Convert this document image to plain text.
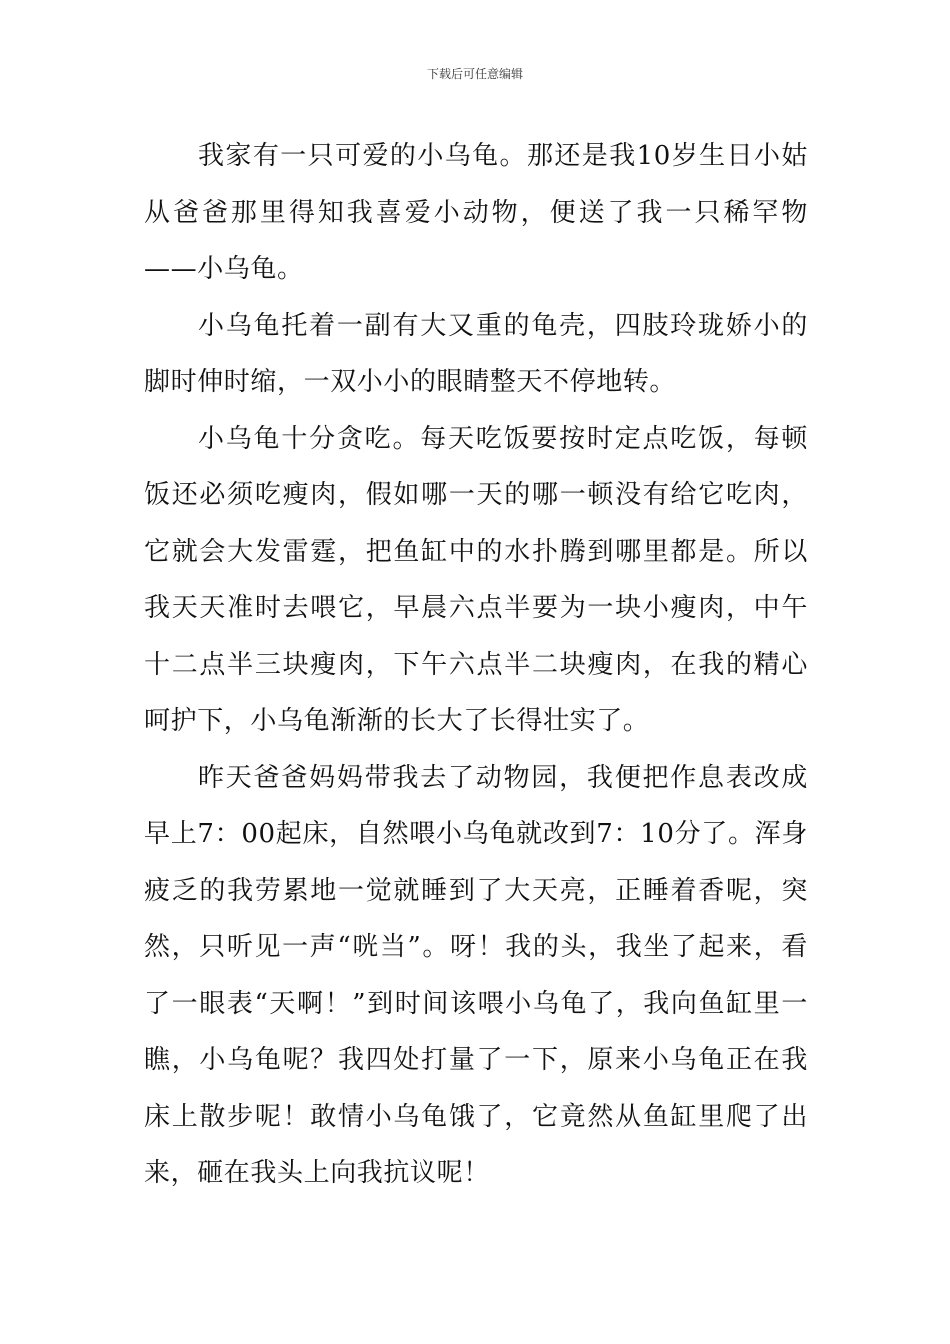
下载后可任意编辑

我家有一只可爱的小乌龟。那还是我10岁生日小姑从爸爸那里得知我喜爱小动物，便送了我一只稀罕物——小乌龟。

小乌龟托着一副有大又重的龟壳，四肢玲珑娇小的脚时伸时缩，一双小小的眼睛整天不停地转。

小乌龟十分贪吃。每天吃饭要按时定点吃饭，每顿饭还必须吃瘦肉，假如哪一天的哪一顿没有给它吃肉，它就会大发雷霆，把鱼缸中的水扑腾到哪里都是。所以我天天准时去喂它，早晨六点半要为一块小瘦肉，中午十二点半三块瘦肉，下午六点半二块瘦肉，在我的精心呵护下，小乌龟渐渐的长大了长得壮实了。

昨天爸爸妈妈带我去了动物园，我便把作息表改成早上7：00起床，自然喂小乌龟就改到7：10分了。浑身疲乏的我劳累地一觉就睡到了大天亮，正睡着香呢，突然，只听见一声“咣当”。呀！我的头，我坐了起来，看了一眼表“天啊！”到时间该喂小乌龟了，我向鱼缸里一瞧，小乌龟呢？我四处打量了一下，原来小乌龟正在我床上散步呢！敢情小乌龟饿了，它竟然从鱼缸里爬了出来，砸在我头上向我抗议呢！
